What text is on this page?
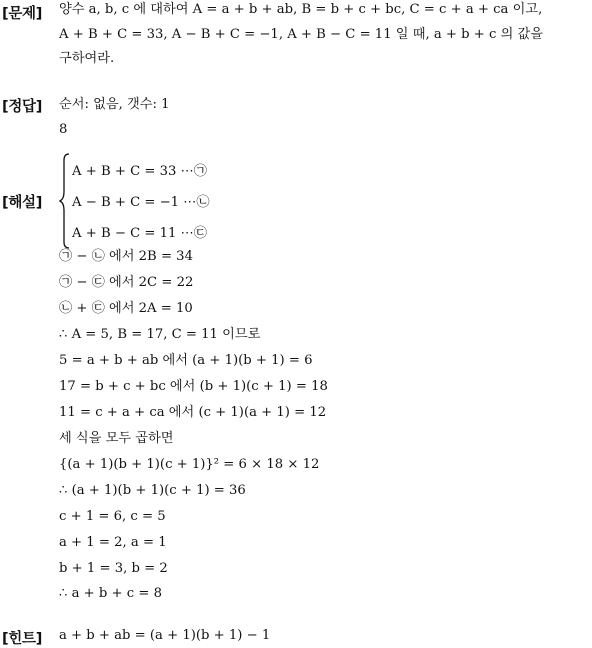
[문제] 양수 a, b, c 에 대하여 A = a + b + ab, B = b + c + bc, C = c + a + ca 이고,
A + B + C = 33, A − B + C = −1, A + B − C = 11 일 때, a + b + c 의 값을
구하여라.
[정답] 순서: 없음, 갯수: 1
8
[해설]
A + B + C = 33 ⋯㉠
A − B + C = −1 ⋯㉡
A + B − C = 11 ⋯㉢
㉠ − ㉡ 에서 2B = 34
㉠ − ㉢ 에서 2C = 22
㉡ + ㉢ 에서 2A = 10
∴ A = 5, B = 17, C = 11 이므로
5 = a + b + ab 에서 (a + 1)(b + 1) = 6
17 = b + c + bc 에서 (b + 1)(c + 1) = 18
11 = c + a + ca 에서 (c + 1)(a + 1) = 12
세 식을 모두 곱하면
{(a + 1)(b + 1)(c + 1)}² = 6 × 18 × 12
∴ (a + 1)(b + 1)(c + 1) = 36
c + 1 = 6, c = 5
a + 1 = 2, a = 1
b + 1 = 3, b = 2
∴ a + b + c = 8
[힌트] a + b + ab = (a + 1)(b + 1) − 1
